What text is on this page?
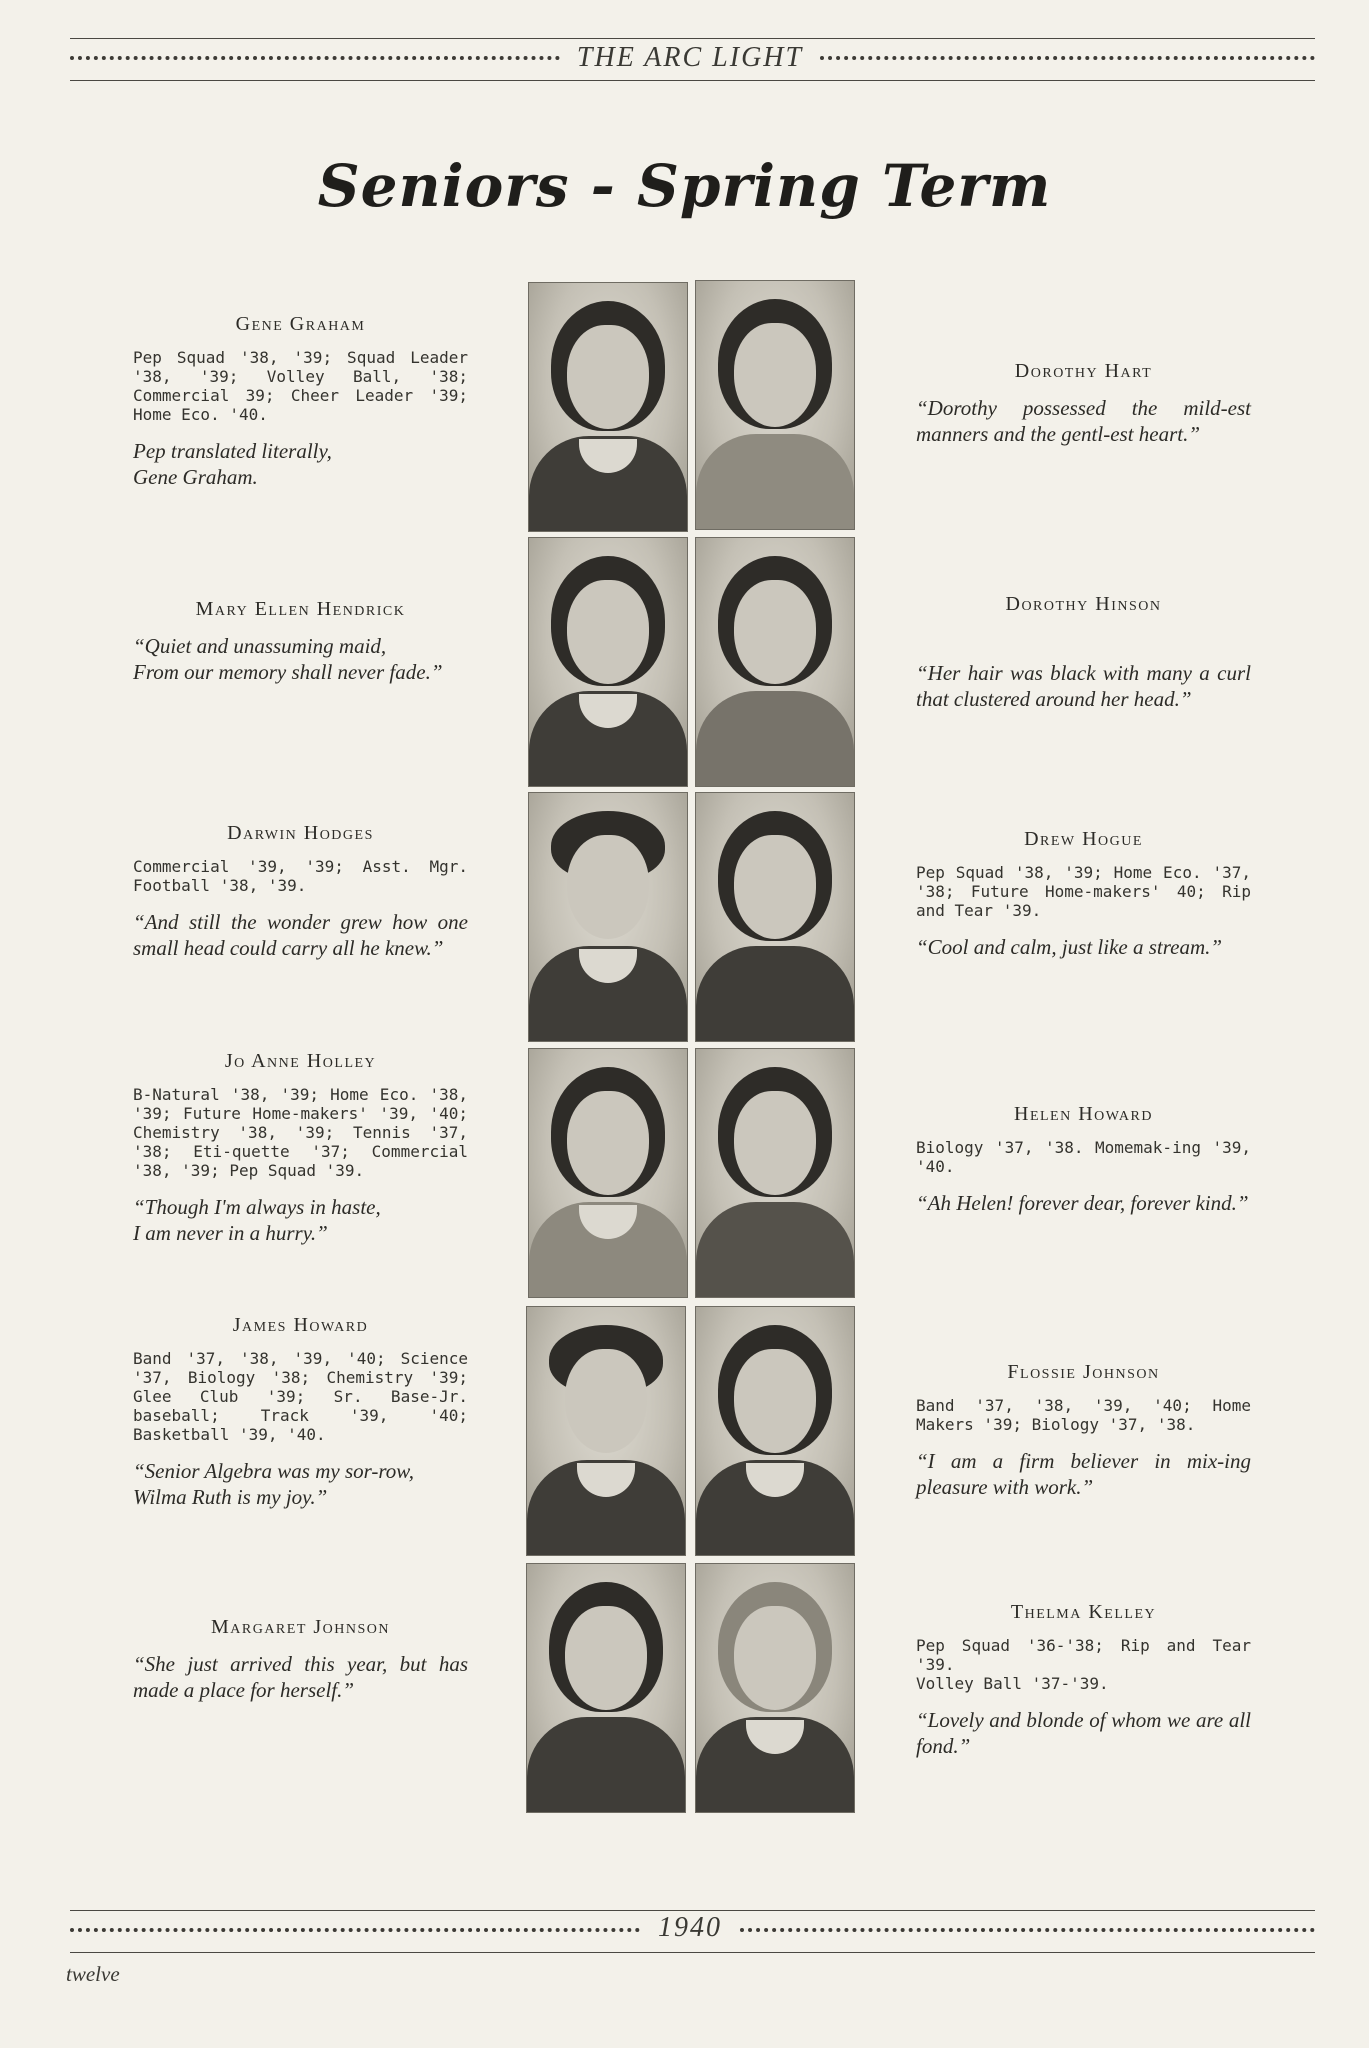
THE ARC LIGHT
Seniors - Spring Term
Gene Graham
Pep Squad '38, '39; Squad Leader '38, '39; Volley Ball, '38; Commercial 39; Cheer Leader '39; Home Eco. '40.
Pep translated literally,
Gene Graham.
Mary Ellen Hendrick
“Quiet and unassuming maid,
From our memory shall never fade.”
Darwin Hodges
Commercial '39, '39; Asst. Mgr. Football '38, '39.
“And still the wonder grew how one small head could carry all he knew.”
Jo Anne Holley
B-Natural '38, '39; Home Eco. '38, '39; Future Home-makers' '39, '40; Chemistry '38, '39; Tennis '37, '38; Eti-quette '37; Commercial '38, '39; Pep Squad '39.
“Though I'm always in haste,
I am never in a hurry.”
James Howard
Band '37, '38, '39, '40; Science '37, Biology '38; Chemistry '39; Glee Club '39; Sr. Base-Jr. baseball; Track '39, '40; Basketball '39, '40.
“Senior Algebra was my sor-row,
Wilma Ruth is my joy.”
Margaret Johnson
“She just arrived this year, but has made a place for herself.”
Dorothy Hart
“Dorothy possessed the mild-est manners and the gentl-est heart.”
Dorothy Hinson
“Her hair was black with many a curl that clustered around her head.”
Drew Hogue
Pep Squad '38, '39; Home Eco. '37, '38; Future Home-makers' 40; Rip and Tear '39.
“Cool and calm, just like a stream.”
Helen Howard
Biology '37, '38. Momemak-ing '39, '40.
“Ah Helen! forever dear, forever kind.”
Flossie Johnson
Band '37, '38, '39, '40; Home Makers '39; Biology '37, '38.
“I am a firm believer in mix-ing pleasure with work.”
Thelma Kelley
Pep Squad '36-'38; Rip and Tear '39.
Volley Ball '37-'39.
“Lovely and blonde of whom we are all fond.”
1940
twelve
